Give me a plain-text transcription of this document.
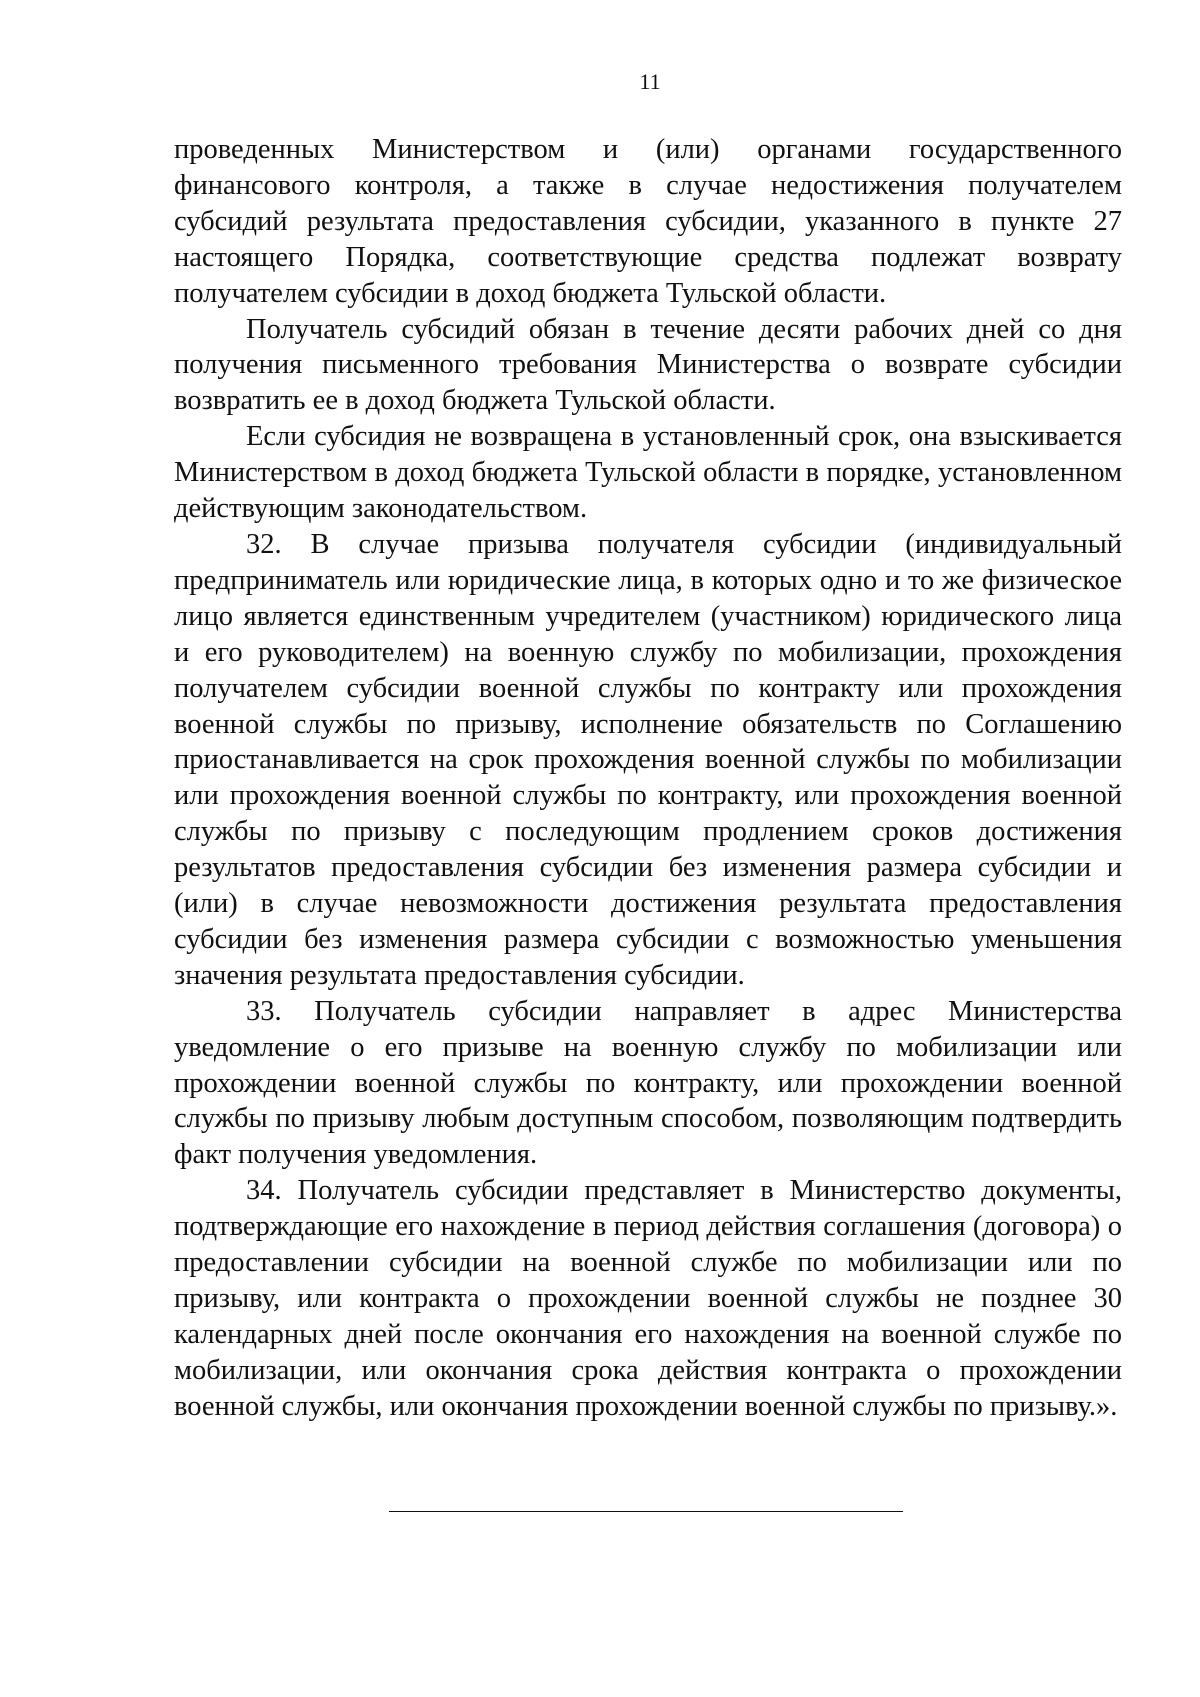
11

проведенных Министерством и (или) органами государственного финансового контроля, а также в случае недостижения получателем субсидий результата предоставления субсидии, указанного в пункте 27 настоящего Порядка, соответствующие средства подлежат возврату получателем субсидии в доход бюджета Тульской области.

Получатель субсидий обязан в течение десяти рабочих дней со дня получения письменного требования Министерства о возврате субсидии возвратить ее в доход бюджета Тульской области.

Если субсидия не возвращена в установленный срок, она взыскивается Министерством в доход бюджета Тульской области в порядке, установленном действующим законодательством.

32. В случае призыва получателя субсидии (индивидуальный предприниматель или юридические лица, в которых одно и то же физическое лицо является единственным учредителем (участником) юридического лица и его руководителем) на военную службу по мобилизации, прохождения получателем субсидии военной службы по контракту или прохождения военной службы по призыву, исполнение обязательств по Соглашению приостанавливается на срок прохождения военной службы по мобилизации или прохождения военной службы по контракту, или прохождения военной службы по призыву с последующим продлением сроков достижения результатов предоставления субсидии без изменения размера субсидии и (или) в случае невозможности достижения результата предоставления субсидии без изменения размера субсидии с возможностью уменьшения значения результата предоставления субсидии.

33. Получатель субсидии направляет в адрес Министерства уведомление о его призыве на военную службу по мобилизации или прохождении военной службы по контракту, или прохождении военной службы по призыву любым доступным способом, позволяющим подтвердить факт получения уведомления.

34. Получатель субсидии представляет в Министерство документы, подтверждающие его нахождение в период действия соглашения (договора) о предоставлении субсидии на военной службе по мобилизации или по призыву, или контракта о прохождении военной службы не позднее 30 календарных дней после окончания его нахождения на военной службе по мобилизации, или окончания срока действия контракта о прохождении военной службы, или окончания прохождении военной службы по призыву.».
